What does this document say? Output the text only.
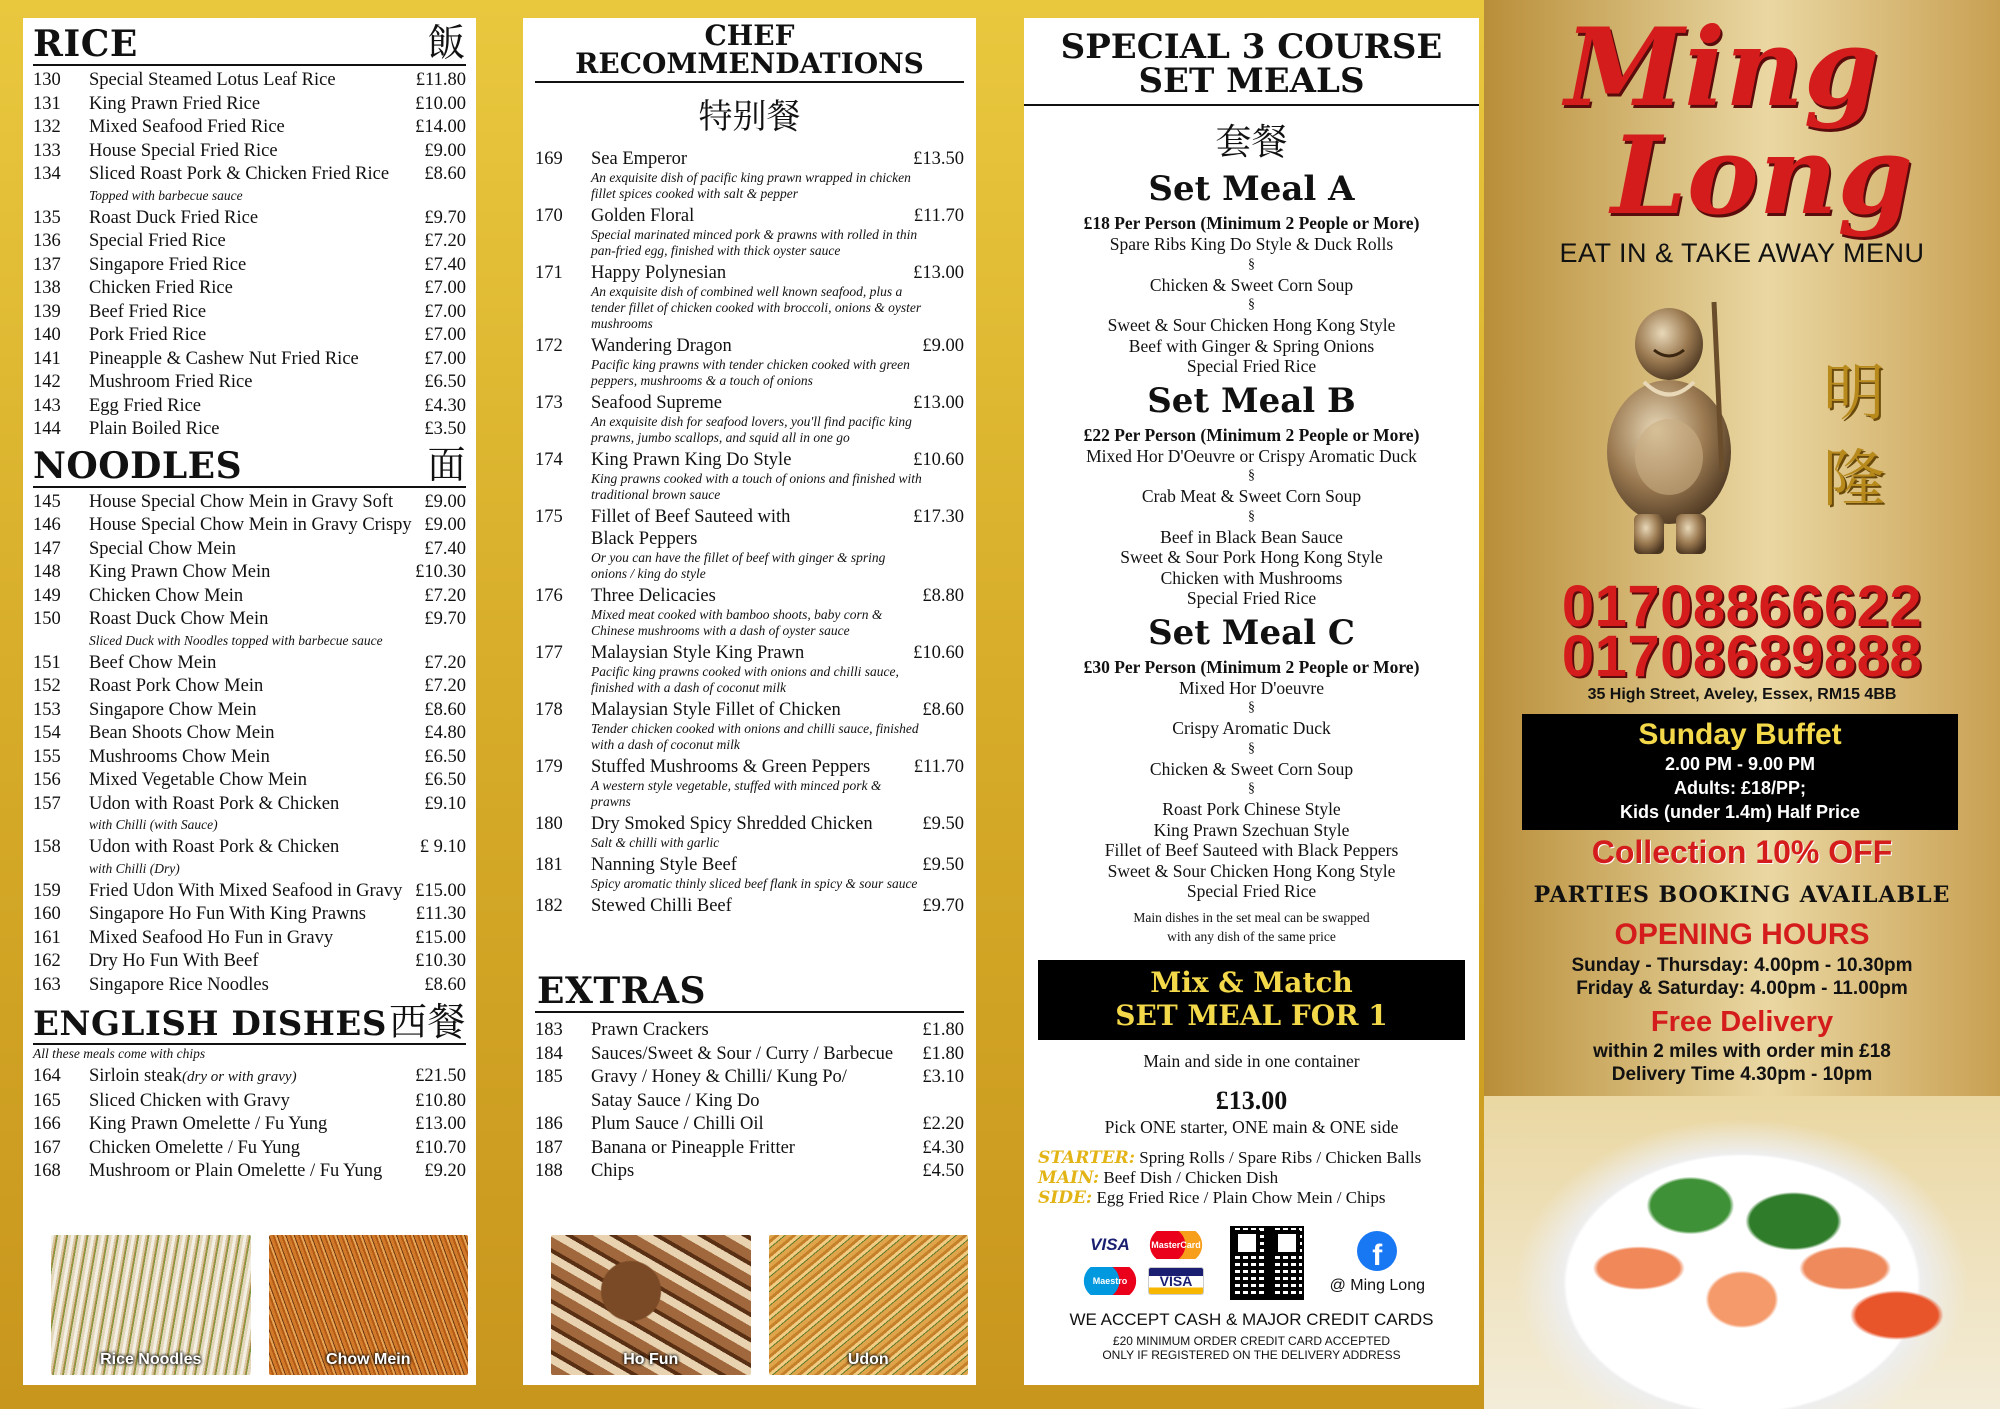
RICE	飯
130	Special Steamed Lotus Leaf Rice	£11.80
131	King Prawn Fried Rice	£10.00
132	Mixed Seafood Fried Rice	£14.00
133	House Special Fried Rice	£9.00
134	Sliced Roast Pork & Chicken Fried Rice	£8.60
Topped with barbecue sauce
135	Roast Duck Fried Rice	£9.70
136	Special Fried Rice	£7.20
137	Singapore Fried Rice	£7.40
138	Chicken Fried Rice	£7.00
139	Beef Fried Rice	£7.00
140	Pork Fried Rice	£7.00
141	Pineapple & Cashew Nut Fried Rice	£7.00
142	Mushroom Fried Rice	£6.50
143	Egg Fried Rice	£4.30
144	Plain Boiled Rice	£3.50
NOODLES	面
145	House Special Chow Mein in Gravy Soft	£9.00
146	House Special Chow Mein in Gravy Crispy £9.00
147	Special Chow Mein	£7.40
148	King Prawn Chow Mein	£10.30
149	Chicken Chow Mein	£7.20
150	Roast Duck Chow Mein	£9.70
Sliced Duck with Noodles topped with barbecue sauce
151	Beef Chow Mein	£7.20
152	Roast Pork Chow Mein	£7.20
153	Singapore Chow Mein	£8.60
154	Bean Shoots Chow Mein	£4.80
155	Mushrooms Chow Mein	£6.50
156	Mixed Vegetable Chow Mein	£6.50
157	Udon with Roast Pork & Chicken	£9.10
with Chilli (with Sauce)
158	Udon with Roast Pork & Chicken	£ 9.10
with Chilli (Dry)
159	Fried Udon With Mixed Seafood in Gravy £15.00
160	Singapore Ho Fun With King Prawns	£11.30
161	Mixed Seafood Ho Fun in Gravy	£15.00
162	Dry Ho Fun With Beef	£10.30
163	Singapore Rice Noodles	£8.60
ENGLISH DISHES 西餐
All these meals come with chips
164	Sirloin steak(dry or with gravy)	£21.50
165	Sliced Chicken with Gravy	£10.80
166	King Prawn Omelette / Fu Yung	£13.00
167	Chicken Omelette / Fu Yung	£10.70
168	Mushroom or Plain Omelette / Fu Yung	£9.20
Rice Noodles	Chow Mein
CHEF RECOMMENDATIONS
特别餐
169	Sea Emperor	£13.50
An exquisite dish of pacific king prawn wrapped in chicken fillet spices cooked with salt & pepper
170	Golden Floral	£11.70
Special marinated minced pork & prawns with rolled in thin pan-fried egg, finished with thick oyster sauce
171	Happy Polynesian	£13.00
An exquisite dish of combined well known seafood, plus a tender fillet of chicken cooked with broccoli, onions & oyster mushrooms
172	Wandering Dragon	£9.00
Pacific king prawns with tender chicken cooked with green peppers, mushrooms & a touch of onions
173	Seafood Supreme	£13.00
An exquisite dish for seafood lovers, you'll find pacific king prawns, jumbo scallops, and squid all in one go
174	King Prawn King Do Style	£10.60
King prawns cooked with a touch of onions and finished with traditional brown sauce
175	Fillet of Beef Sauteed with	£17.30
Black Peppers
Or you can have the fillet of beef with ginger & spring onions / king do style
176	Three Delicacies	£8.80
Mixed meat cooked with bamboo shoots, baby corn & Chinese mushrooms with a dash of oyster sauce
177	Malaysian Style King Prawn	£10.60
Pacific king prawns cooked with onions and chilli sauce, finished with a dash of coconut milk
178	Malaysian Style Fillet of Chicken	£8.60
Tender chicken cooked with onions and chilli sauce, finished with a dash of coconut milk
179	Stuffed Mushrooms & Green Peppers	£11.70
A western style vegetable, stuffed with minced pork & prawns
180	Dry Smoked Spicy Shredded Chicken	£9.50
Salt & chilli with garlic
181	Nanning Style Beef	£9.50
Spicy aromatic thinly sliced beef flank in spicy & sour sauce
182	Stewed Chilli Beef	£9.70
EXTRAS
183	Prawn Crackers	£1.80
184	Sauces/Sweet & Sour / Curry / Barbecue	£1.80
185	Gravy / Honey & Chilli/ Kung Po/	£3.10
Satay Sauce / King Do
186	Plum Sauce / Chilli Oil	£2.20
187	Banana or Pineapple Fritter	£4.30
188	Chips	£4.50
Ho Fun	Udon
SPECIAL 3 COURSE
SET MEALS
套餐
Set Meal A
£18 Per Person (Minimum 2 People or More)
Spare Ribs King Do Style & Duck Rolls
§
Chicken & Sweet Corn Soup
§
Sweet & Sour Chicken Hong Kong Style
Beef with Ginger & Spring Onions
Special Fried Rice
Set Meal B
£22 Per Person (Minimum 2 People or More)
Mixed Hor D'Oeuvre or Crispy Aromatic Duck
§
Crab Meat & Sweet Corn Soup
§
Beef in Black Bean Sauce
Sweet & Sour Pork Hong Kong Style
Chicken with Mushrooms
Special Fried Rice
Set Meal C
£30 Per Person (Minimum 2 People or More)
Mixed Hor D'oeuvre
§
Crispy Aromatic Duck
§
Chicken & Sweet Corn Soup
§
Roast Pork Chinese Style
King Prawn Szechuan Style
Fillet of Beef Sauteed with Black Peppers
Sweet & Sour Chicken Hong Kong Style
Special Fried Rice
Main dishes in the set meal can be swapped
with any dish of the same price
Mix & Match
SET MEAL FOR 1
Main and side in one container
£13.00
Pick ONE starter, ONE main & ONE side
STARTER: Spring Rolls / Spare Ribs / Chicken Balls
MAIN: Beef Dish / Chicken Dish
SIDE: Egg Fried Rice / Plain Chow Mein / Chips
VISA	MasterCard
Maestro	VISA
f
@ Ming Long
WE ACCEPT CASH & MAJOR CREDIT CARDS
£20 MINIMUM ORDER CREDIT CARD ACCEPTED
ONLY IF REGISTERED ON THE DELIVERY ADDRESS
Ming
Long
EAT IN & TAKE AWAY MENU
明
隆
01708866622
01708689888
35 High Street, Aveley, Essex, RM15 4BB
Sunday Buffet
2.00 PM - 9.00 PM
Adults: £18/PP;
Kids (under 1.4m) Half Price
Collection 10% OFF
PARTIES BOOKING AVAILABLE
OPENING HOURS
Sunday - Thursday: 4.00pm - 10.30pm
Friday & Saturday: 4.00pm - 11.00pm
Free Delivery
within 2 miles with order min £18
Delivery Time 4.30pm - 10pm
